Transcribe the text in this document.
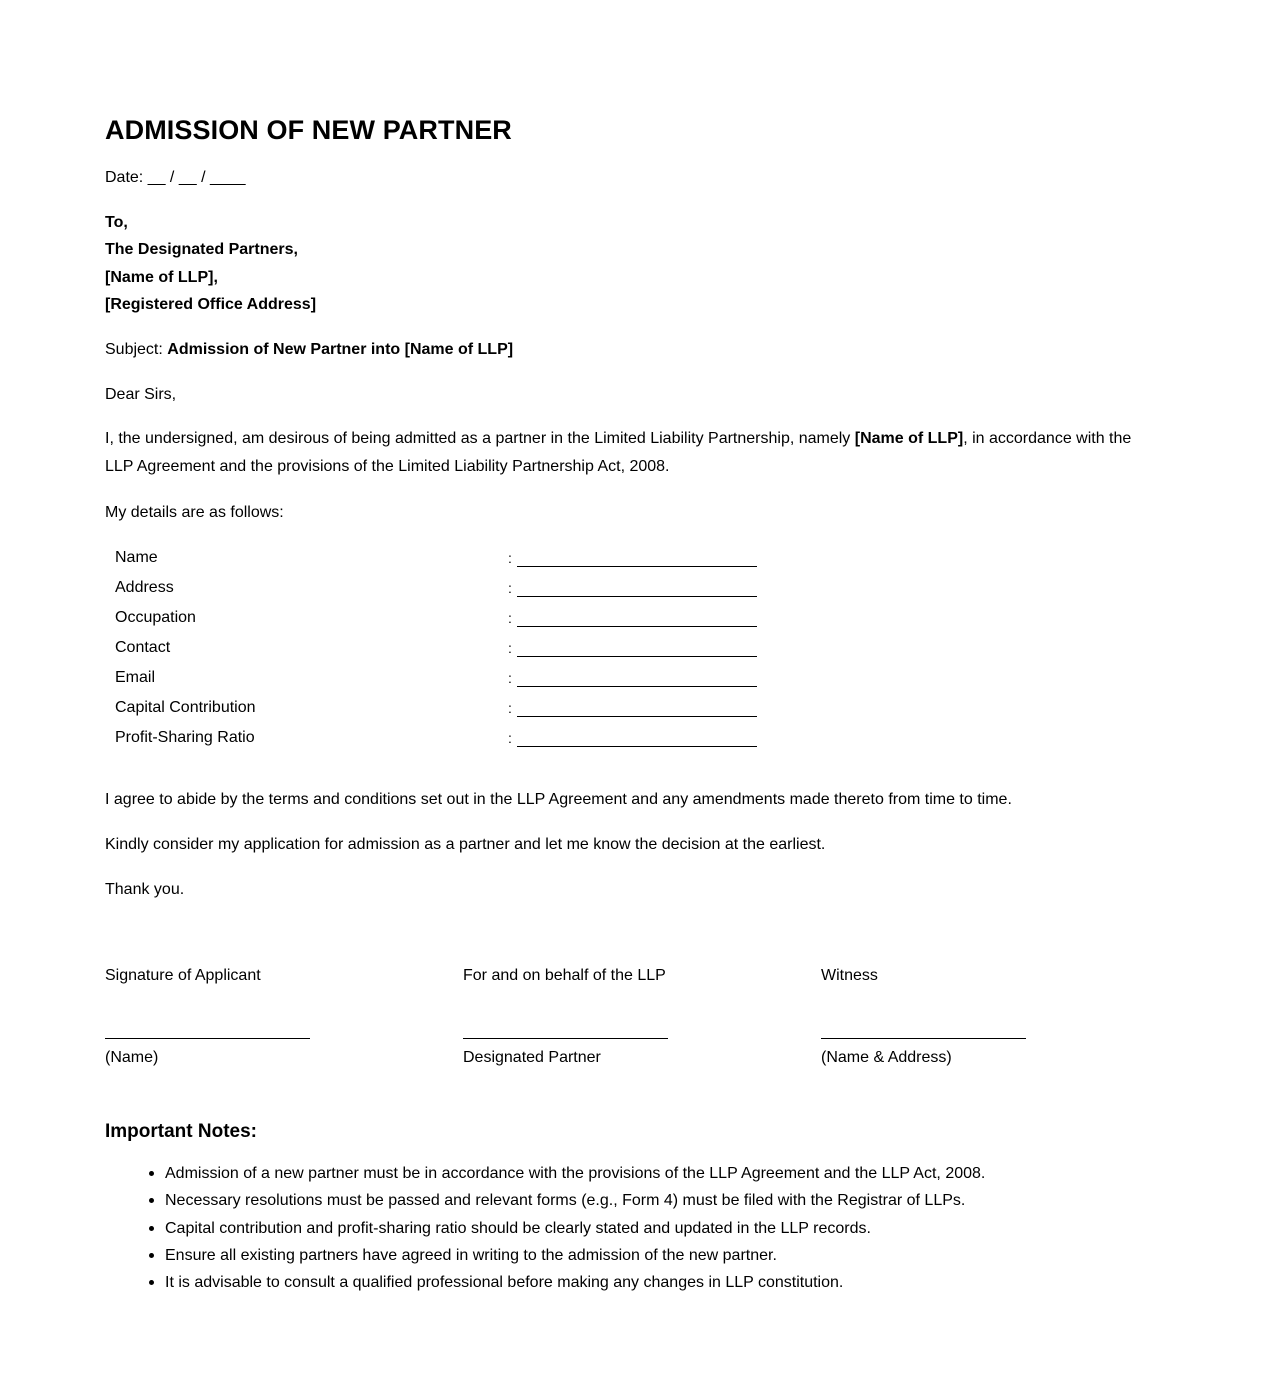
ADMISSION OF NEW PARTNER
Date: __ / __ / ____
To,
The Designated Partners,
[Name of LLP],
[Registered Office Address]
Subject: Admission of New Partner into [Name of LLP]
Dear Sirs,
I, the undersigned, am desirous of being admitted as a partner in the Limited Liability Partnership, namely [Name of LLP], in accordance with the LLP Agreement and the provisions of the Limited Liability Partnership Act, 2008.
My details are as follows:
Name	:
Address	:
Occupation	:
Contact	:
Email	:
Capital Contribution	:
Profit-Sharing Ratio	:
I agree to abide by the terms and conditions set out in the LLP Agreement and any amendments made thereto from time to time.
Kindly consider my application for admission as a partner and let me know the decision at the earliest.
Thank you.
Signature of Applicant
(Name)
For and on behalf of the LLP
Designated Partner
Witness
(Name & Address)
Important Notes:
Admission of a new partner must be in accordance with the provisions of the LLP Agreement and the LLP Act, 2008.
Necessary resolutions must be passed and relevant forms (e.g., Form 4) must be filed with the Registrar of LLPs.
Capital contribution and profit-sharing ratio should be clearly stated and updated in the LLP records.
Ensure all existing partners have agreed in writing to the admission of the new partner.
It is advisable to consult a qualified professional before making any changes in LLP constitution.
